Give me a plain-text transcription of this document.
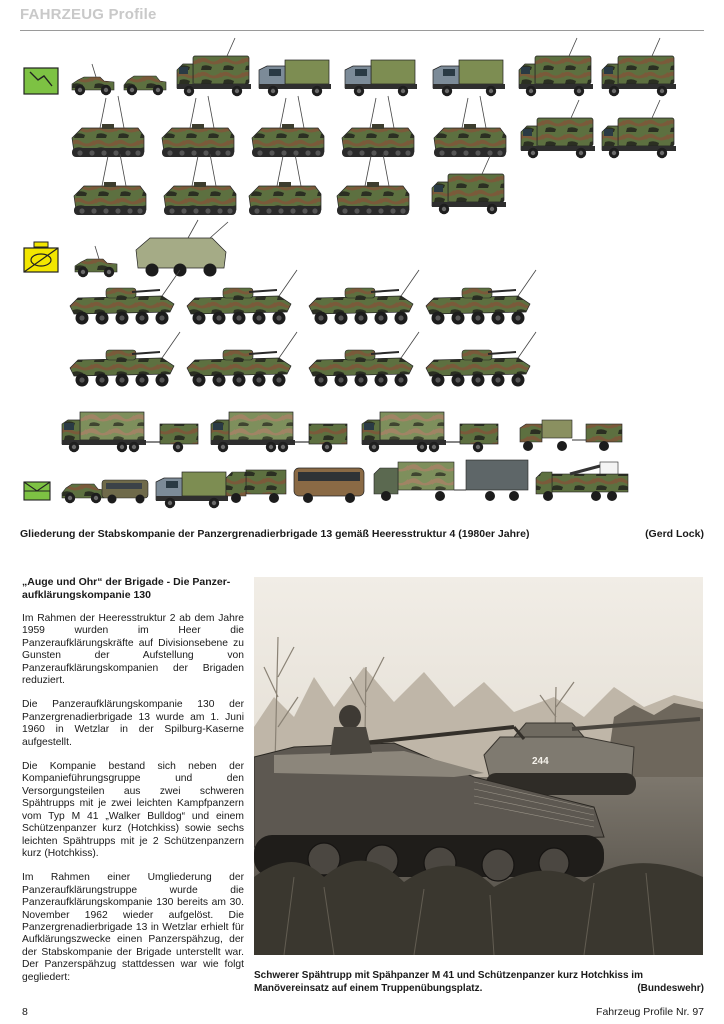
FAHRZEUG Profile
Gliederung der Stabskompanie der Panzergrenadierbrigade 13 gemäß Heeresstruktur 4 (1980er Jahre)	(Gerd Lock)
„Auge und Ohr“ der Brigade - Die Panzer-aufklärungskompanie 130

Im Rahmen der Heeresstruktur 2 ab dem Jahre 1959 wurden im Heer die Panzeraufklärungskräfte auf Divisionsebene zu Gunsten der Aufstellung von Panzeraufklärungskompanien der Brigaden reduziert.

Die Panzeraufklärungskompanie 130 der Panzergrenadierbrigade 13 wurde am 1. Juni 1960 in Wetzlar in der Spilburg-Kaserne aufgestellt.

Die Kompanie bestand sich neben der Kompanieführungsgruppe und den Versorgungsteilen aus zwei schweren Spähtrupps mit je zwei leichten Kampfpanzern vom Typ M 41 „Walker Bulldog“ und einem Schützenpanzer kurz (Hotchkiss) sowie sechs leichten Spähtrupps mit je 2 Schützenpanzern kurz (Hotchkiss).

Im Rahmen einer Umgliederung der Panzeraufklärungstruppe wurde die Panzeraufklärungskompanie 130 bereits am 30. November 1962 wieder aufgelöst. Die Panzergrenadierbrigade 13 in Wetzlar erhielt für Aufklärungszwecke einen Panzerspähzug, der der Stabskompanie der Brigade unterstellt war. Der Panzerspähzug stattdessen war wie folgt gegliedert:

244
Schwerer Spähtrupp mit Spähpanzer M 41 und Schützenpanzer kurz Hotchkiss im Manövereinsatz auf einem Truppenübungsplatz.	(Bundeswehr)
8	Fahrzeug Profile Nr. 97
